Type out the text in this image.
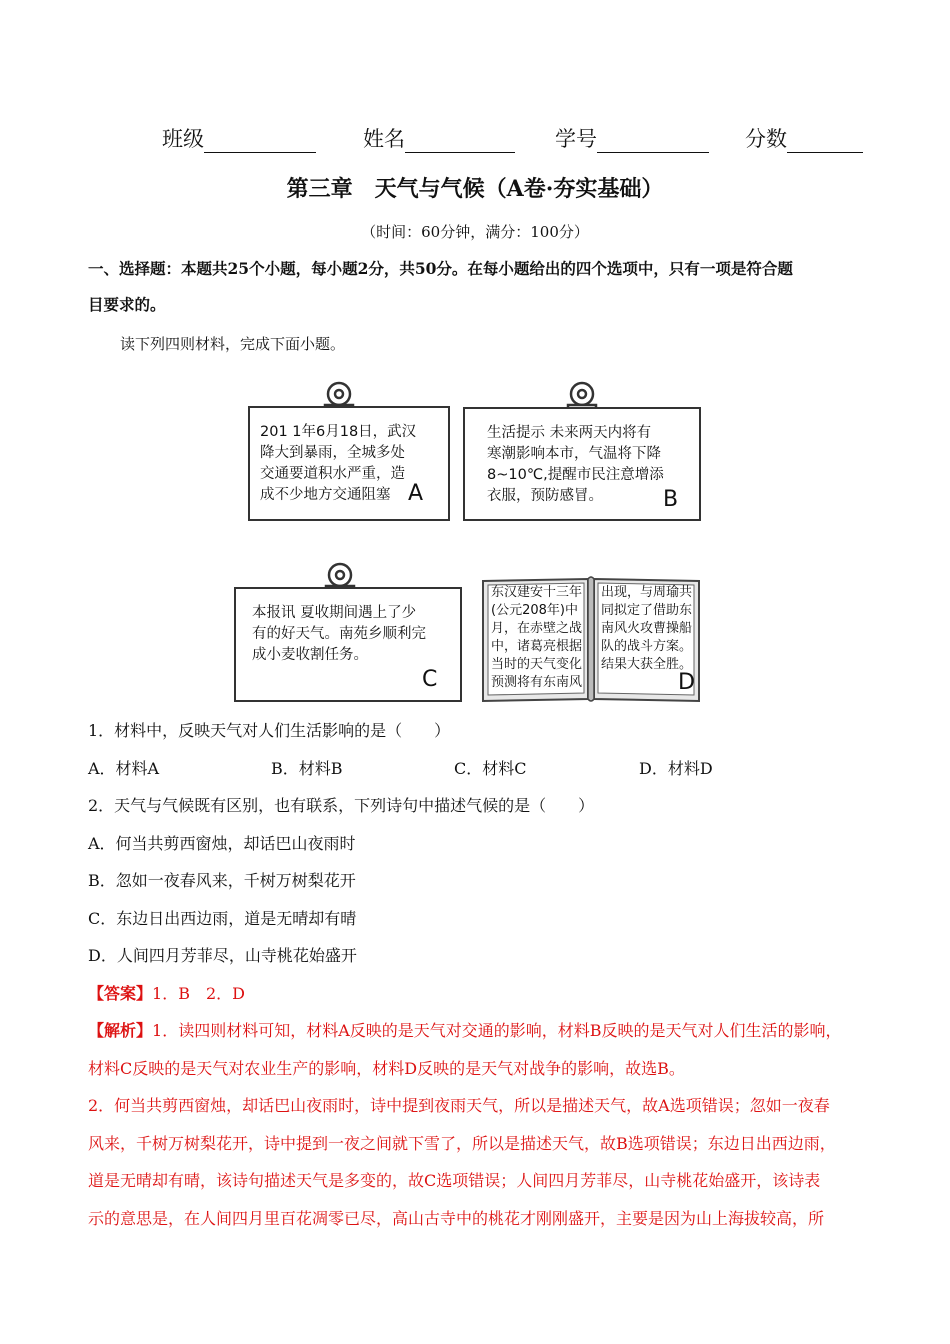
班级	姓名	学号	分数
第三章　天气与气候（A卷·夯实基础）
（时间：60分钟，满分：100分）
一、选择题：本题共25个小题，每小题2分，共50分。在每小题给出的四个选项中，只有一项是符合题
目要求的。
读下列四则材料，完成下面小题。
201 1年6月18日，武汉
降大到暴雨，全城多处
交通要道积水严重，造
成不少地方交通阻塞 A
生活提示 未来两天内将有
寒潮影响本市，气温将下降
8~10℃,提醒市民注意增添
衣服，预防感冒。	B
本报讯 夏收期间遇上了少
有的好天气。南苑乡顺利完
成小麦收割任务。
C
东汉建安十三年
(公元208年)中
月，在赤壁之战
中，诸葛亮根据
当时的天气变化
预测将有东南风
出现，与周瑜共
同拟定了借助东
南风火攻曹操船
队的战斗方案。
结果大获全胜。
D
1．材料中，反映天气对人们生活影响的是（　　）
A．材料A	B．材料B	C．材料C	D．材料D
2．天气与气候既有区别，也有联系，下列诗句中描述气候的是（　　）
A．何当共剪西窗烛，却话巴山夜雨时
B．忽如一夜春风来，千树万树梨花开
C．东边日出西边雨，道是无晴却有晴
D．人间四月芳菲尽，山寺桃花始盛开
【答案】1．B　2．D
【解析】1．读四则材料可知，材料A反映的是天气对交通的影响，材料B反映的是天气对人们生活的影响，
材料C反映的是天气对农业生产的影响，材料D反映的是天气对战争的影响，故选B。
2．何当共剪西窗烛，却话巴山夜雨时，诗中提到夜雨天气，所以是描述天气，故A选项错误；忽如一夜春
风来，千树万树梨花开，诗中提到一夜之间就下雪了，所以是描述天气，故B选项错误；东边日出西边雨，
道是无晴却有晴，该诗句描述天气是多变的，故C选项错误；人间四月芳菲尽，山寺桃花始盛开，该诗表
示的意思是，在人间四月里百花凋零已尽，高山古寺中的桃花才刚刚盛开，主要是因为山上海拔较高，所
